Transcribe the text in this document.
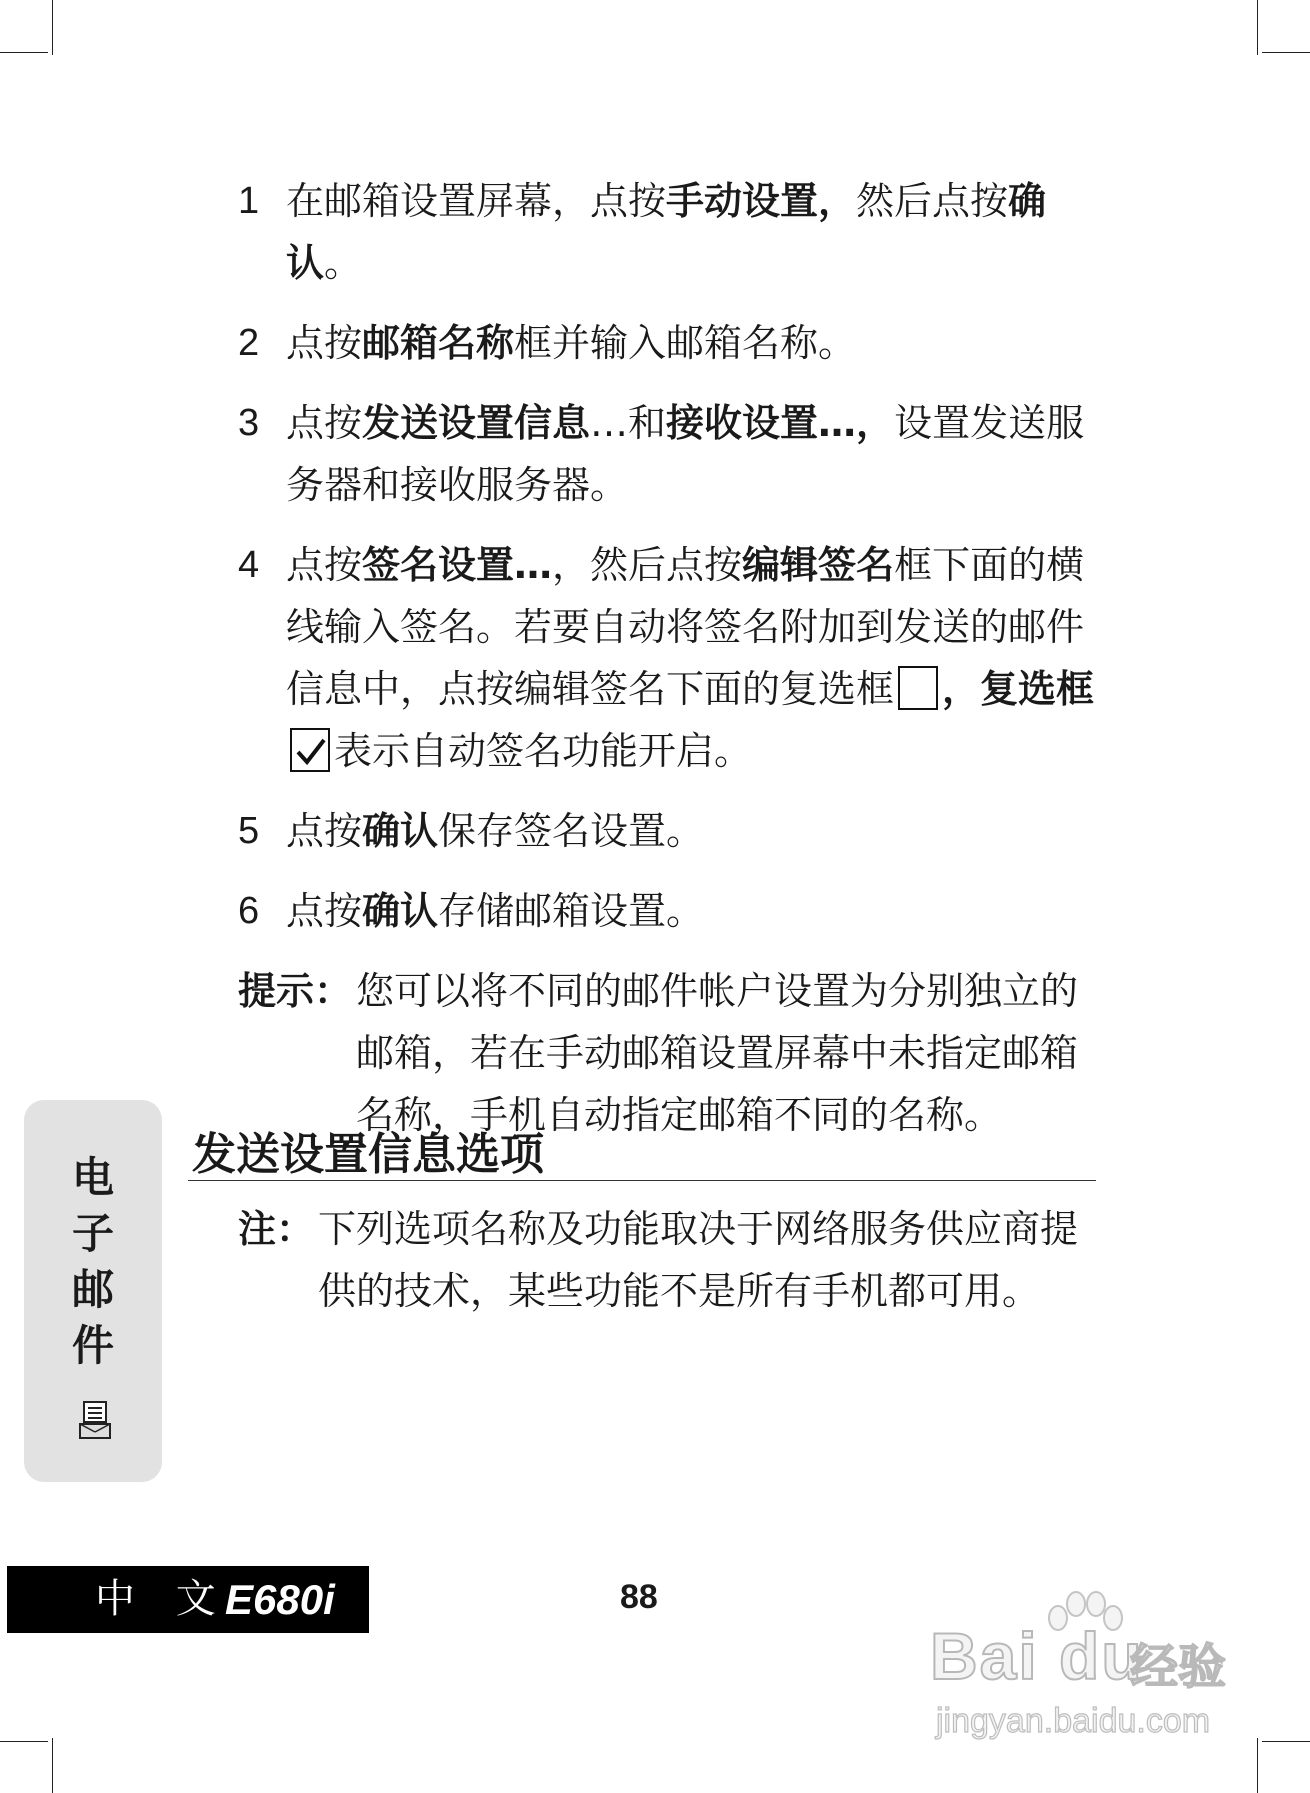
1 在邮箱设置屏幕，点按手动设置，然后点按确认。
2 点按邮箱名称框并输入邮箱名称。
3 点按发送设置信息…和接收设置…，设置发送服务器和接收服务器。
4 点按签名设置…，然后点按编辑签名框下面的横线输入签名。若要自动将签名附加到发送的邮件信息中，点按编辑签名下面的复选框 ，复选框
表示自动签名功能开启。
5 点按确认保存签名设置。
6 点按确认存储邮箱设置。
提示： 您可以将不同的邮件帐户设置为分别独立的邮箱，若在手动邮箱设置屏幕中未指定邮箱名称，手机自动指定邮箱不同的名称。
发送设置信息选项
注： 下列选项名称及功能取决于网络服务供应商提供的技术，某些功能不是所有手机都可用。
电
子
邮
件
中 文
E680i	88
Bai du
经验
jingyan.baidu.com
